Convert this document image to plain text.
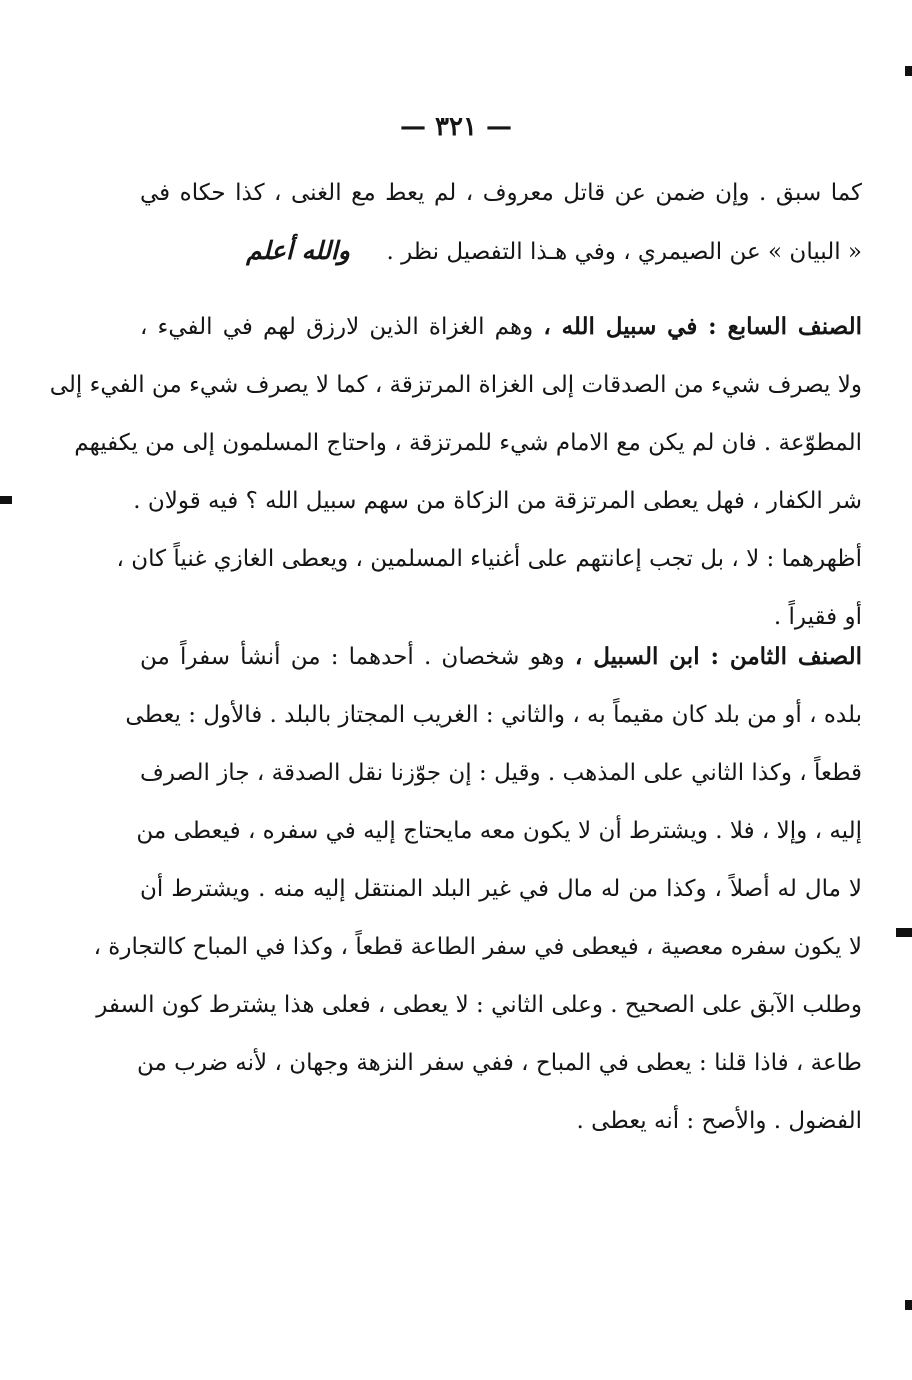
— ٣٢١ —
كما سبق . وإن ضمن عن قاتل معروف ، لم يعط مع الغنى ، كذا حكاه في
« البيان » عن الصيمري ، وفي هـذا التفصيل نظر .     والله أعلم
الصنف السابع : في سبيل الله ، وهم الغزاة الذين لارزق لهم في الفيء ،
ولا يصرف شيء من الصدقات إلى الغزاة المرتزقة ، كما لا يصرف شيء من الفيء إلى
المطوّعة . فان لم يكن مع الامام شيء للمرتزقة ، واحتاج المسلمون إلى من يكفيهم
شر الكفار ، فهل يعطى المرتزقة من الزكاة من سهم سبيل الله ؟ فيه قولان .
أظهرهما : لا ، بل تجب إعانتهم على أغنياء المسلمين ، ويعطى الغازي غنياً كان ،
أو فقيراً .
الصنف الثامن : ابن السبيل ، وهو شخصان . أحدهما : من أنشأ سفراً من
بلده ، أو من بلد كان مقيماً به ، والثاني : الغريب المجتاز بالبلد . فالأول : يعطى
قطعاً ، وكذا الثاني على المذهب . وقيل : إن جوّزنا نقل الصدقة ، جاز الصرف
إليه ، وإلا ، فلا . ويشترط أن لا يكون معه مايحتاج إليه في سفره ، فيعطى من
لا مال له أصلاً ، وكذا من له مال في غير البلد المنتقل إليه منه . ويشترط أن
لا يكون سفره معصية ، فيعطى في سفر الطاعة قطعاً ، وكذا في المباح كالتجارة ،
وطلب الآبق على الصحيح . وعلى الثاني : لا يعطى ، فعلى هذا يشترط كون السفر
طاعة ، فاذا قلنا : يعطى في المباح ، ففي سفر النزهة وجهان ، لأنه ضرب من
الفضول . والأصح : أنه يعطى .
